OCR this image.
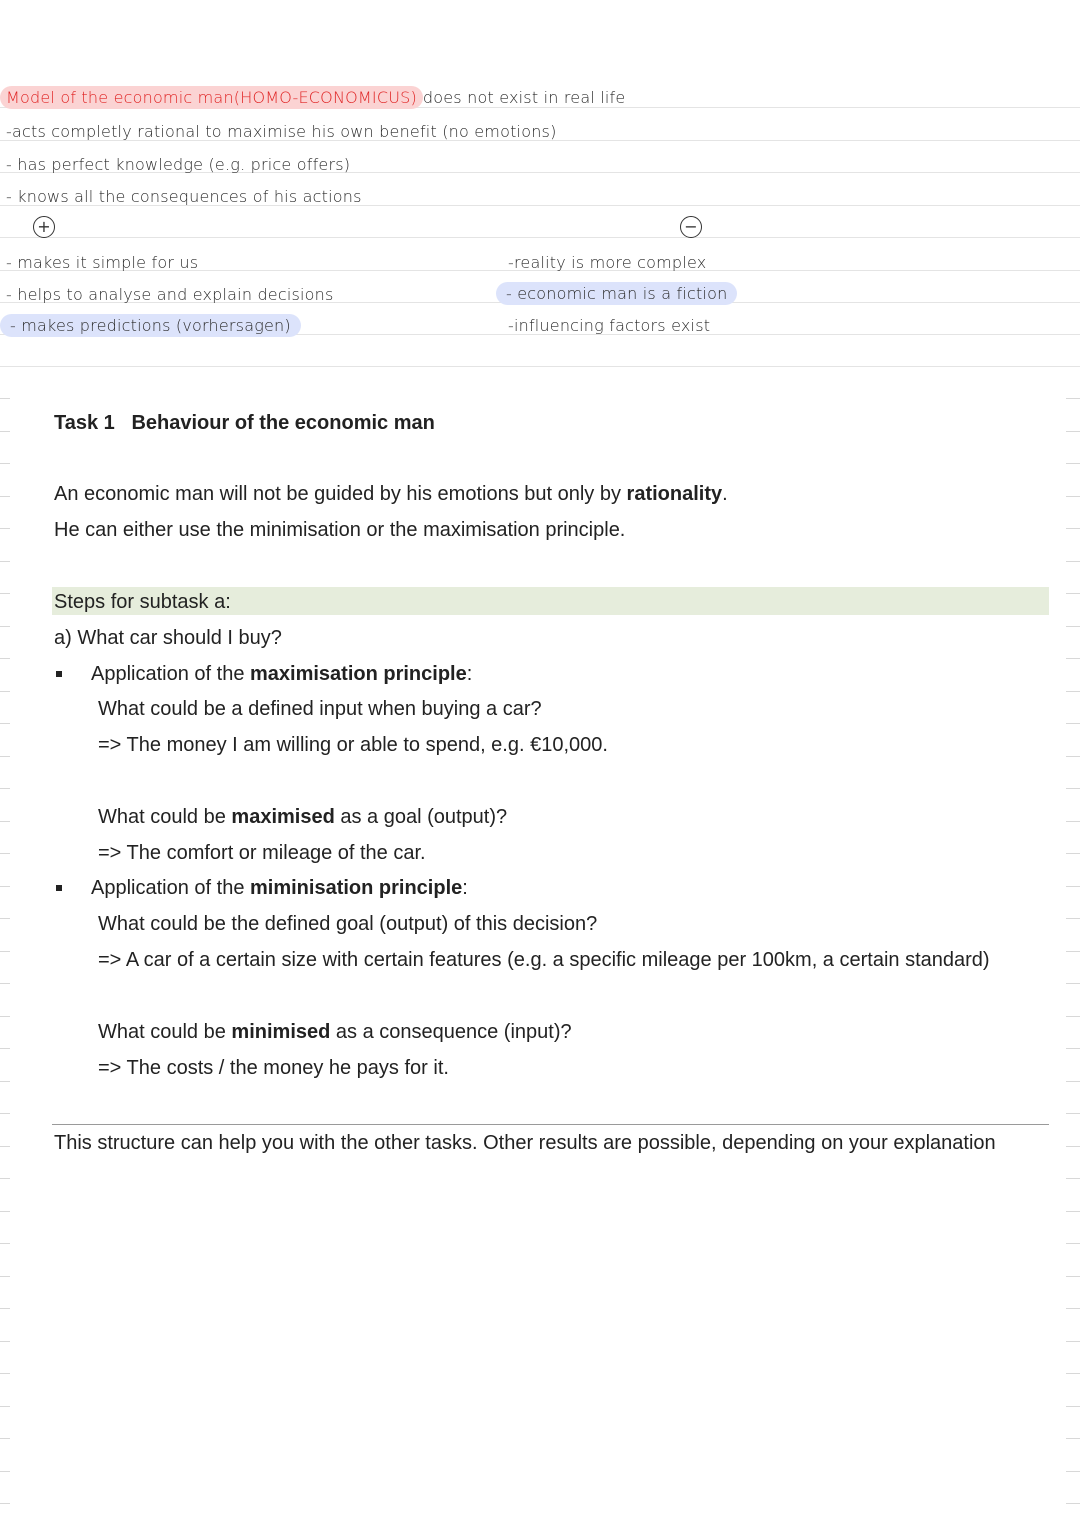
Model of the economic man(HOMO-ECONOMICUS) does not exist in real life
-acts completly rational to maximise his own benefit (no emotions)
- has perfect knowledge (e.g. price offers)
- knows all the consequences of his actions
+	−
- makes it simple for us
- helps to analyse and explain decisions
- makes predictions (vorhersagen)
-reality is more complex
- economic man is a fiction
-influencing factors exist
Task 1 Behaviour of the economic man
An economic man will not be guided by his emotions but only by rationality.
He can either use the minimisation or the maximisation principle.
Steps for subtask a:
a) What car should I buy?
Application of the maximisation principle:
What could be a defined input when buying a car?
=> The money I am willing or able to spend, e.g. €10,000.
What could be maximised as a goal (output)?
=> The comfort or mileage of the car.
Application of the miminisation principle:
What could be the defined goal (output) of this decision?
=> A car of a certain size with certain features (e.g. a specific mileage per 100km, a certain standard)
What could be minimised as a consequence (input)?
=> The costs / the money he pays for it.
This structure can help you with the other tasks. Other results are possible, depending on your explanation
